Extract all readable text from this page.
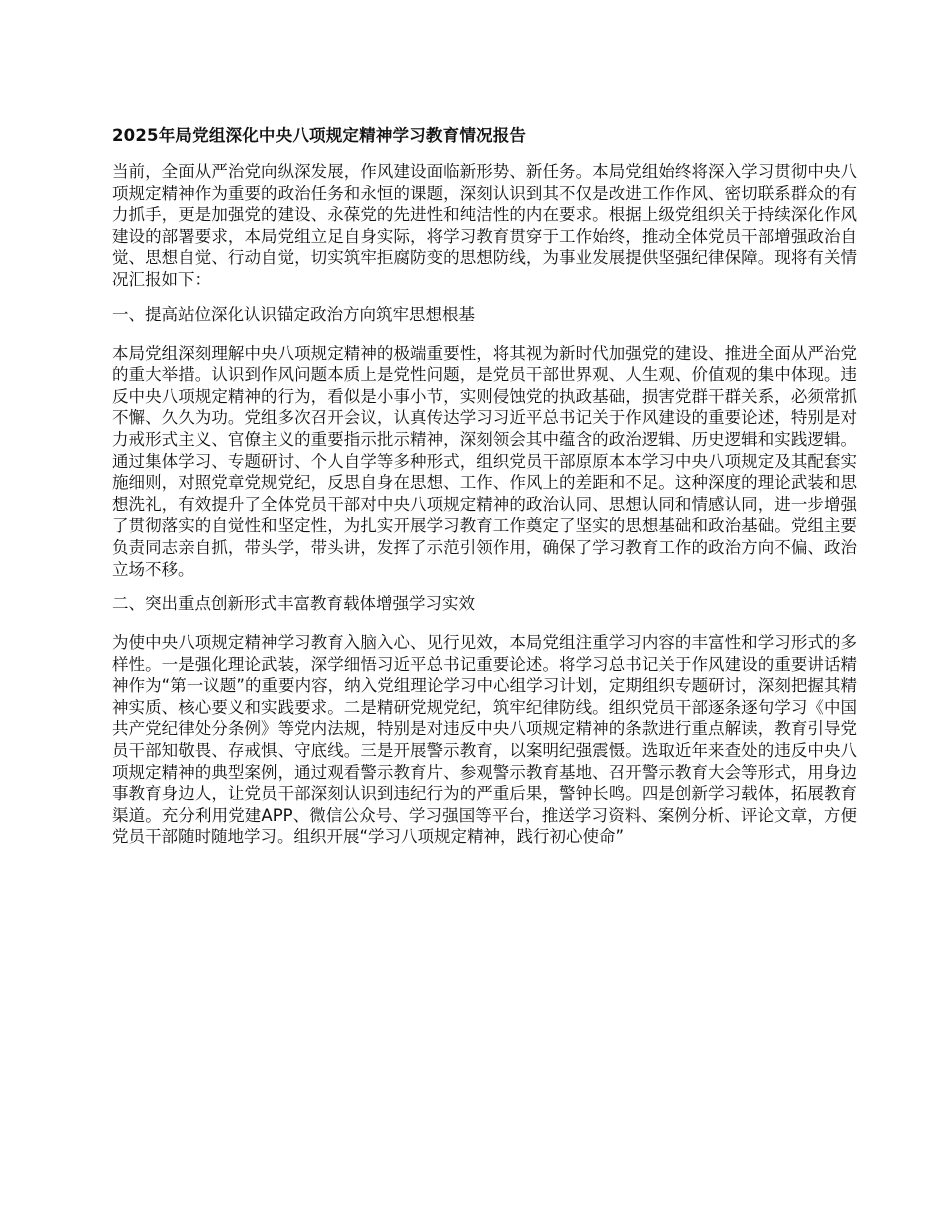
2025年局党组深化中央八项规定精神学习教育情况报告

当前，全面从严治党向纵深发展，作风建设面临新形势、新任务。本局党组始终将深入学习贯彻中央八项规定精神作为重要的政治任务和永恒的课题，深刻认识到其不仅是改进工作作风、密切联系群众的有力抓手，更是加强党的建设、永葆党的先进性和纯洁性的内在要求。根据上级党组织关于持续深化作风建设的部署要求，本局党组立足自身实际，将学习教育贯穿于工作始终，推动全体党员干部增强政治自觉、思想自觉、行动自觉，切实筑牢拒腐防变的思想防线，为事业发展提供坚强纪律保障。现将有关情况汇报如下：

一、提高站位深化认识锚定政治方向筑牢思想根基

本局党组深刻理解中央八项规定精神的极端重要性，将其视为新时代加强党的建设、推进全面从严治党的重大举措。认识到作风问题本质上是党性问题，是党员干部世界观、人生观、价值观的集中体现。违反中央八项规定精神的行为，看似是小事小节，实则侵蚀党的执政基础，损害党群干群关系，必须常抓不懈、久久为功。党组多次召开会议，认真传达学习习近平总书记关于作风建设的重要论述，特别是对力戒形式主义、官僚主义的重要指示批示精神，深刻领会其中蕴含的政治逻辑、历史逻辑和实践逻辑。通过集体学习、专题研讨、个人自学等多种形式，组织党员干部原原本本学习中央八项规定及其配套实施细则，对照党章党规党纪，反思自身在思想、工作、作风上的差距和不足。这种深度的理论武装和思想洗礼，有效提升了全体党员干部对中央八项规定精神的政治认同、思想认同和情感认同，进一步增强了贯彻落实的自觉性和坚定性，为扎实开展学习教育工作奠定了坚实的思想基础和政治基础。党组主要负责同志亲自抓，带头学，带头讲，发挥了示范引领作用，确保了学习教育工作的政治方向不偏、政治立场不移。

二、突出重点创新形式丰富教育载体增强学习实效

为使中央八项规定精神学习教育入脑入心、见行见效，本局党组注重学习内容的丰富性和学习形式的多样性。一是强化理论武装，深学细悟习近平总书记重要论述。将学习总书记关于作风建设的重要讲话精神作为“第一议题”的重要内容，纳入党组理论学习中心组学习计划，定期组织专题研讨，深刻把握其精神实质、核心要义和实践要求。二是精研党规党纪，筑牢纪律防线。组织党员干部逐条逐句学习《中国共产党纪律处分条例》等党内法规，特别是对违反中央八项规定精神的条款进行重点解读，教育引导党员干部知敬畏、存戒惧、守底线。三是开展警示教育，以案明纪强震慑。选取近年来查处的违反中央八项规定精神的典型案例，通过观看警示教育片、参观警示教育基地、召开警示教育大会等形式，用身边事教育身边人，让党员干部深刻认识到违纪行为的严重后果，警钟长鸣。四是创新学习载体，拓展教育渠道。充分利用党建APP、微信公众号、学习强国等平台，推送学习资料、案例分析、评论文章，方便党员干部随时随地学习。组织开展“学习八项规定精神，践行初心使命”
